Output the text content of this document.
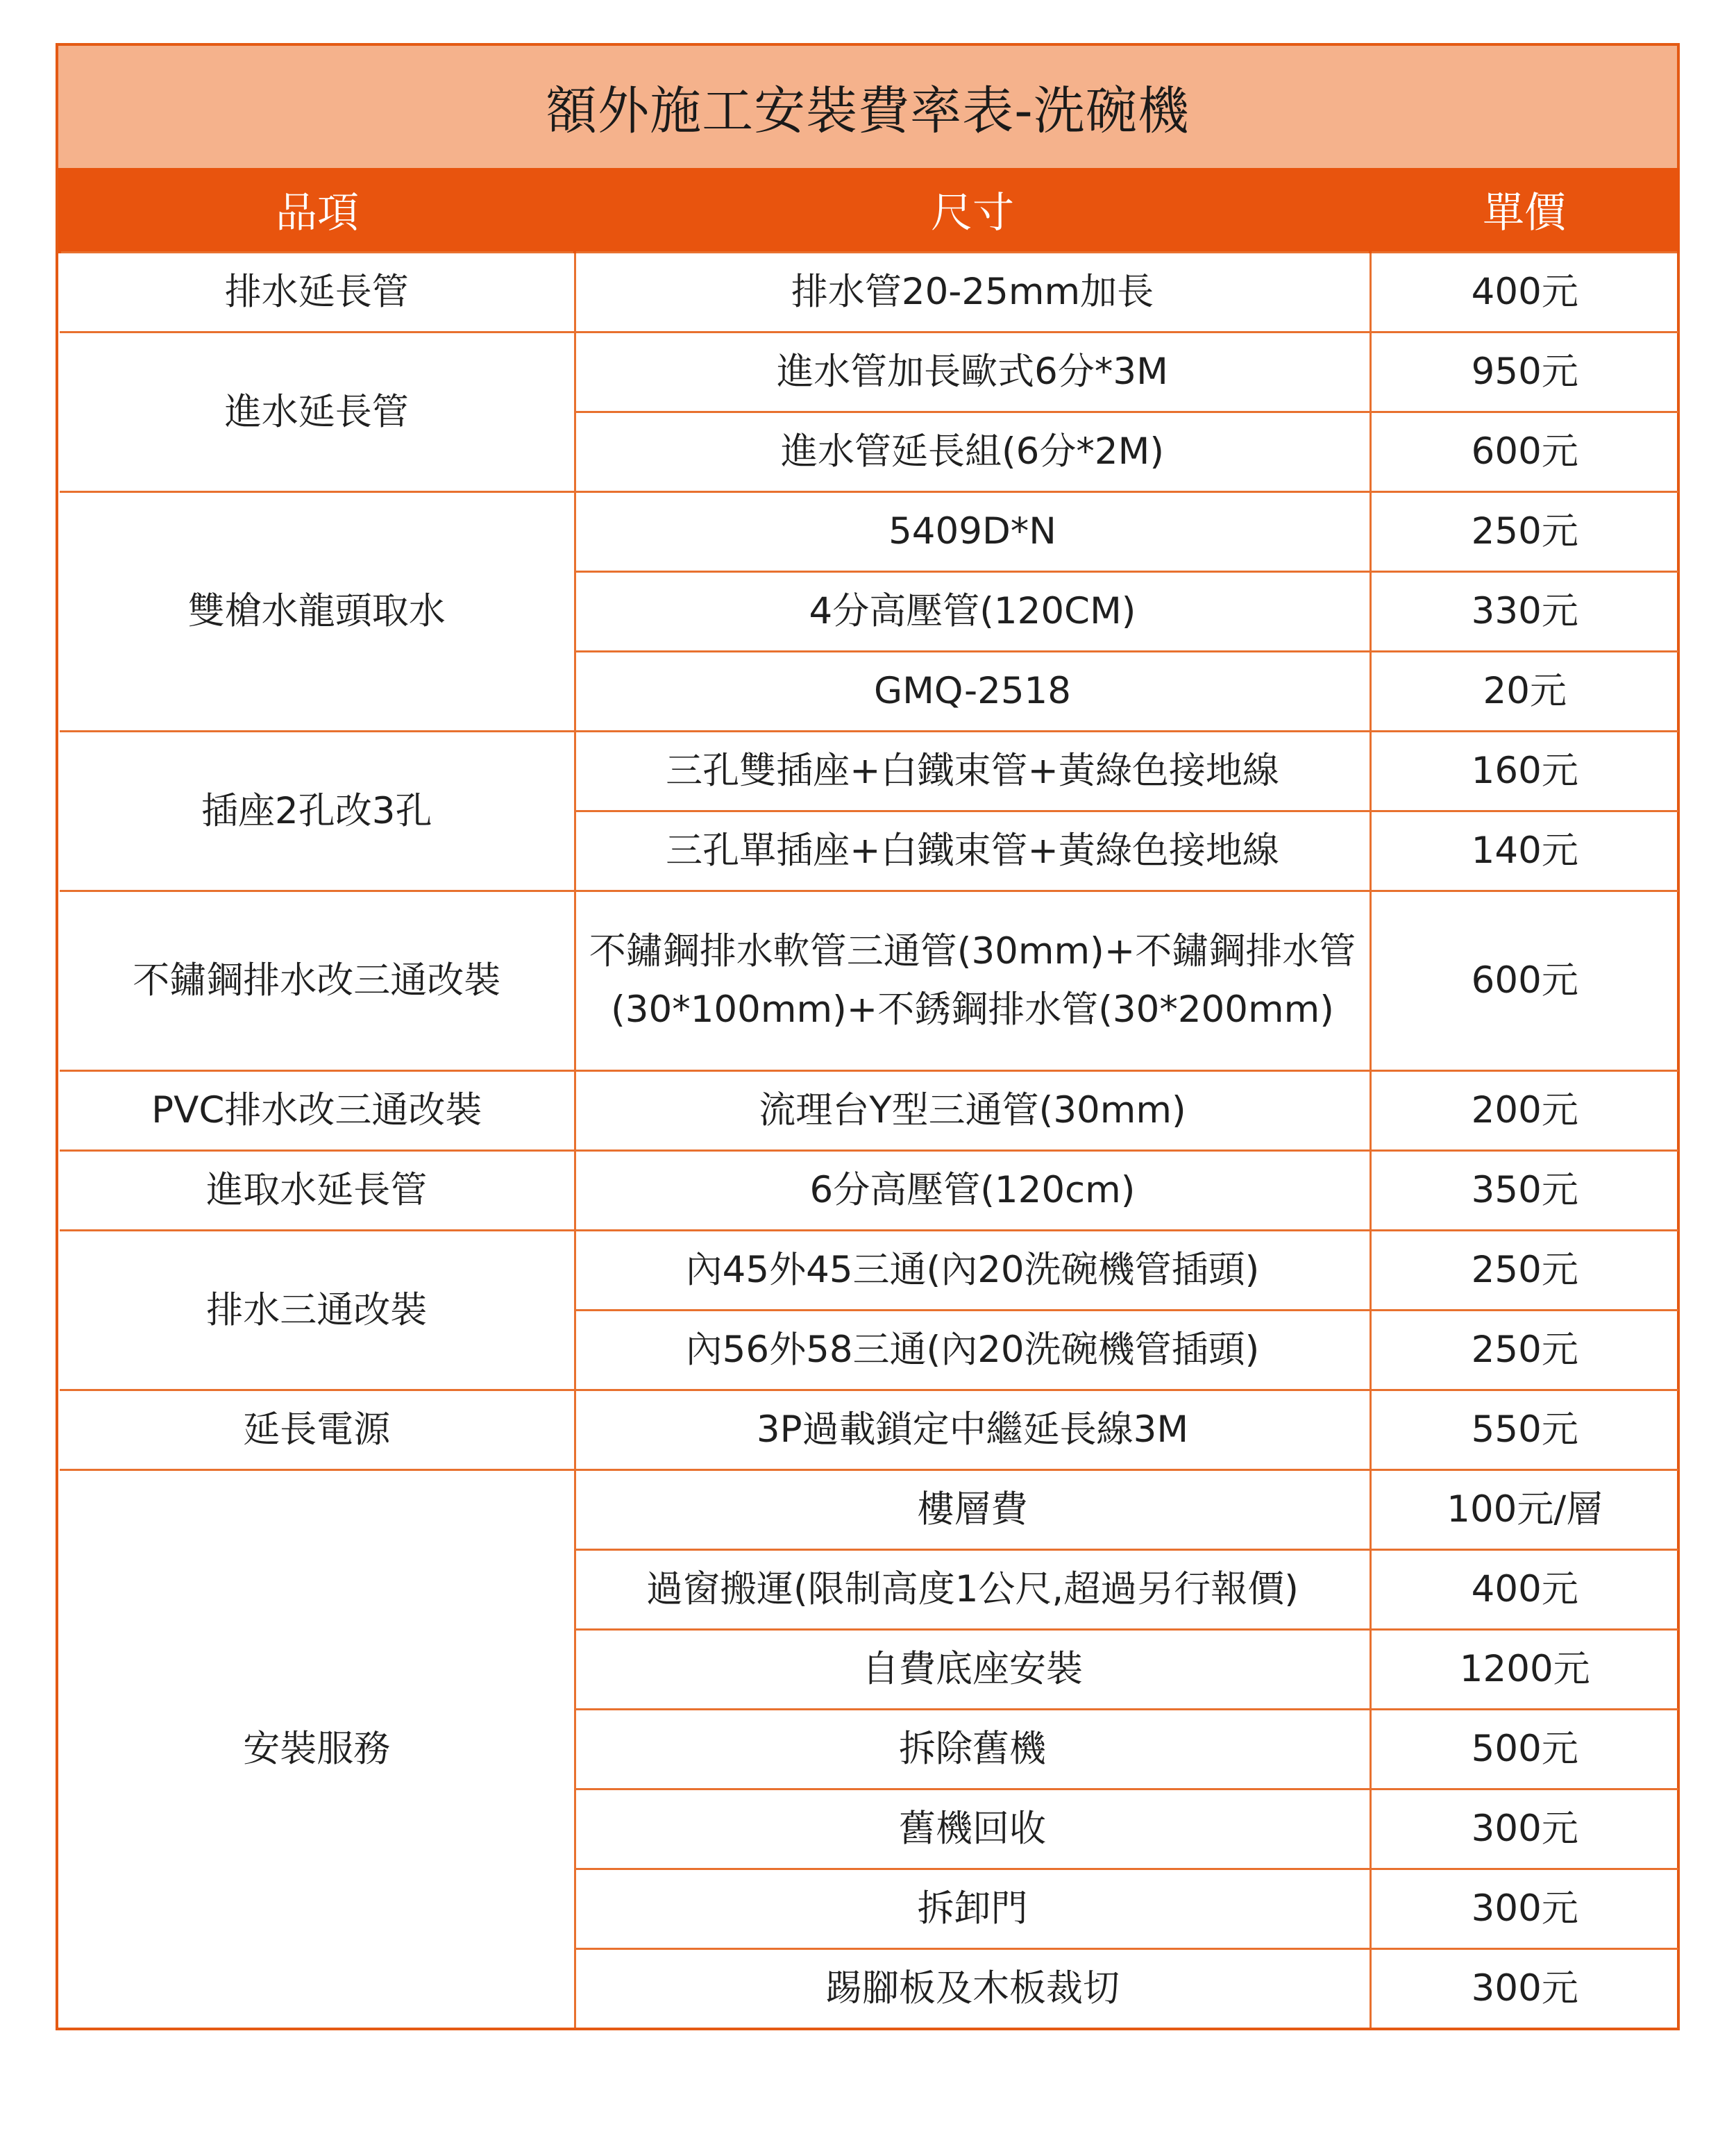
額外施工安裝費率表-洗碗機
品項	尺寸	單價
排水延長管	排水管20-25mm加長	400元
進水延長管	進水管加長歐式6分*3M	950元
	進水管延長組(6分*2M)	600元
雙槍水龍頭取水	5409D*N	250元
	4分高壓管(120CM)	330元
	GMQ-2518	20元
插座2孔改3孔	三孔雙插座+白鐵束管+黃綠色接地線	160元
	三孔單插座+白鐵束管+黃綠色接地線	140元
不鏽鋼排水改三通改裝	不鏽鋼排水軟管三通管(30mm)+不鏽鋼排水管(30*100mm)+不銹鋼排水管(30*200mm)	600元
PVC排水改三通改裝	流理台Y型三通管(30mm)	200元
進取水延長管	6分高壓管(120cm)	350元
排水三通改裝	內45外45三通(內20洗碗機管插頭)	250元
	內56外58三通(內20洗碗機管插頭)	250元
延長電源	3P過載鎖定中繼延長線3M	550元
安裝服務	樓層費	100元/層
	過窗搬運(限制高度1公尺,超過另行報價)	400元
	自費底座安裝	1200元
	拆除舊機	500元
	舊機回收	300元
	拆卸門	300元
	踢腳板及木板裁切	300元
